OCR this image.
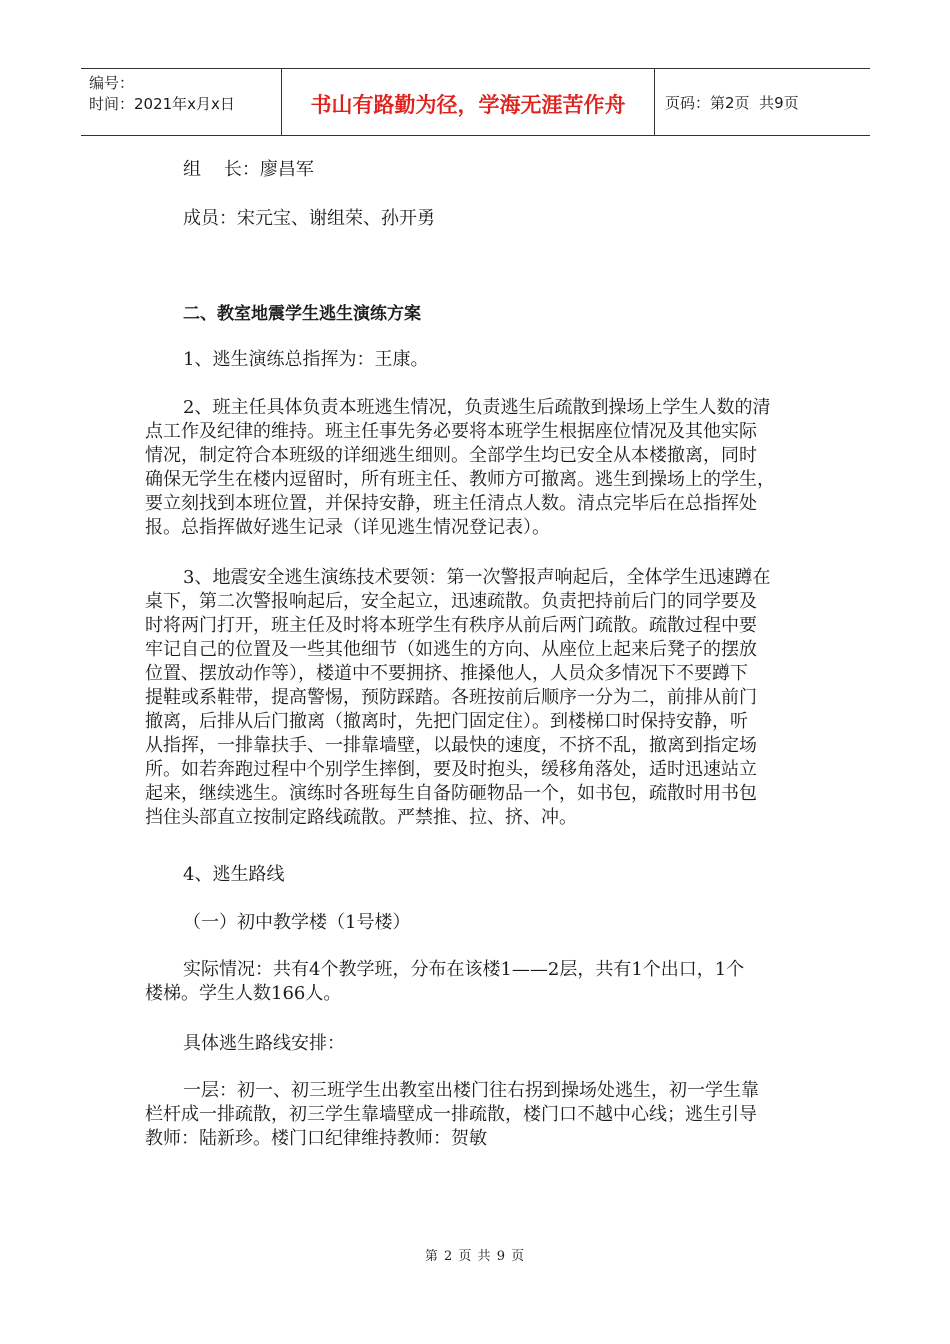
编号：
时间：2021年x月x日	书山有路勤为径，学海无涯苦作舟	页码：第2页  共9页
组    长：廖昌军
成员：宋元宝、谢组荣、孙开勇
二、教室地震学生逃生演练方案
1、逃生演练总指挥为：王康。
2、班主任具体负责本班逃生情况，负责逃生后疏散到操场上学生人数的清
点工作及纪律的维持。班主任事先务必要将本班学生根据座位情况及其他实际
情况，制定符合本班级的详细逃生细则。全部学生均已安全从本楼撤离，同时
确保无学生在楼内逗留时，所有班主任、教师方可撤离。逃生到操场上的学生，
要立刻找到本班位置，并保持安静，班主任清点人数。清点完毕后在总指挥处
报。总指挥做好逃生记录（详见逃生情况登记表）。
3、地震安全逃生演练技术要领：第一次警报声响起后，全体学生迅速蹲在
桌下，第二次警报响起后，安全起立，迅速疏散。负责把持前后门的同学要及
时将两门打开，班主任及时将本班学生有秩序从前后两门疏散。疏散过程中要
牢记自己的位置及一些其他细节（如逃生的方向、从座位上起来后凳子的摆放
位置、摆放动作等），楼道中不要拥挤、推搡他人，人员众多情况下不要蹲下
提鞋或系鞋带，提高警惕，预防踩踏。各班按前后顺序一分为二，前排从前门
撤离，后排从后门撤离（撤离时，先把门固定住）。到楼梯口时保持安静，听
从指挥，一排靠扶手、一排靠墙壁，以最快的速度，不挤不乱，撤离到指定场
所。如若奔跑过程中个别学生摔倒，要及时抱头，缓移角落处，适时迅速站立
起来，继续逃生。演练时各班每生自备防砸物品一个，如书包，疏散时用书包
挡住头部直立按制定路线疏散。严禁推、拉、挤、冲。
4、逃生路线
（一）初中教学楼（1号楼）
实际情况：共有4个教学班，分布在该楼1——2层，共有1个出口，1个
楼梯。学生人数166人。
具体逃生路线安排：
一层：初一、初三班学生出教室出楼门往右拐到操场处逃生，初一学生靠
栏杆成一排疏散，初三学生靠墙壁成一排疏散，楼门口不越中心线；逃生引导
教师：陆新珍。楼门口纪律维持教师：贺敏
第 2 页 共 9 页
